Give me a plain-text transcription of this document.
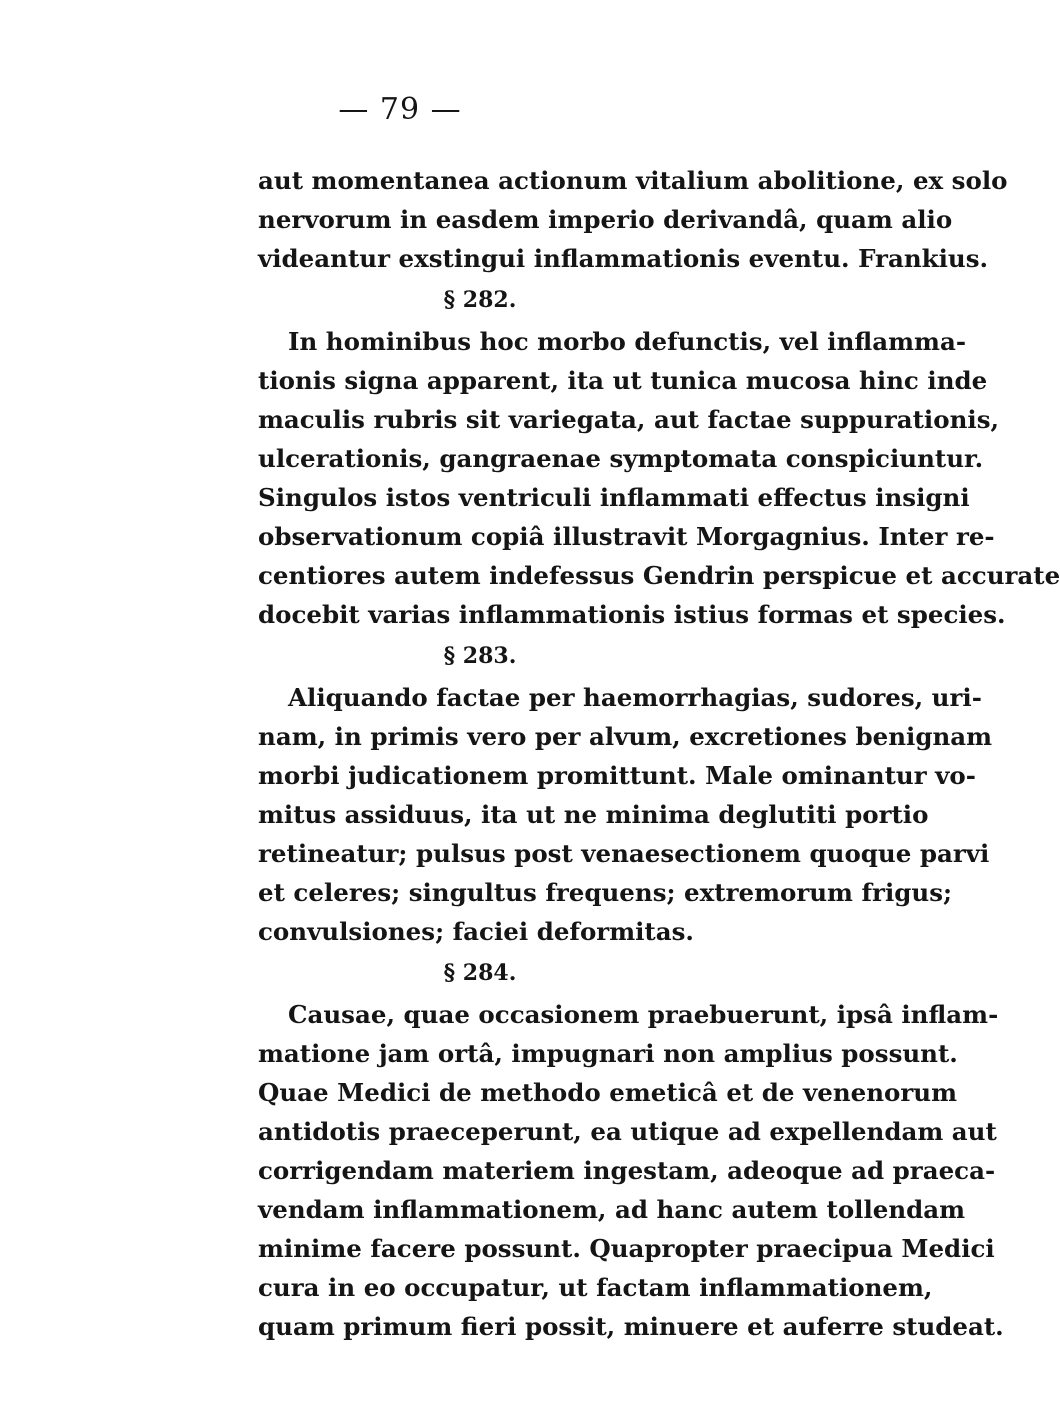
— 79 —
aut momentanea actionum vitalium abolitione, ex solo
nervorum in easdem imperio derivandâ, quam alio
videantur exstingui inflammationis eventu. Frankius.
§ 282.
In hominibus hoc morbo defunctis, vel inflamma-
tionis signa apparent, ita ut tunica mucosa hinc inde
maculis rubris sit variegata, aut factae suppurationis,
ulcerationis, gangraenae symptomata conspiciuntur.
Singulos istos ventriculi inflammati effectus insigni
observationum copiâ illustravit Morgagnius. Inter re-
centiores autem indefessus Gendrin perspicue et accurate
docebit varias inflammationis istius formas et species.
§ 283.
Aliquando factae per haemorrhagias, sudores, uri-
nam, in primis vero per alvum, excretiones benignam
morbi judicationem promittunt. Male ominantur vo-
mitus assiduus, ita ut ne minima deglutiti portio
retineatur; pulsus post venaesectionem quoque parvi
et celeres; singultus frequens; extremorum frigus;
convulsiones; faciei deformitas.
§ 284.
Causae, quae occasionem praebuerunt, ipsâ inflam-
matione jam ortâ, impugnari non amplius possunt.
Quae Medici de methodo emeticâ et de venenorum
antidotis praeceperunt, ea utique ad expellendam aut
corrigendam materiem ingestam, adeoque ad praeca-
vendam inflammationem, ad hanc autem tollendam
minime facere possunt. Quapropter praecipua Medici
cura in eo occupatur, ut factam inflammationem,
quam primum fieri possit, minuere et auferre studeat.
